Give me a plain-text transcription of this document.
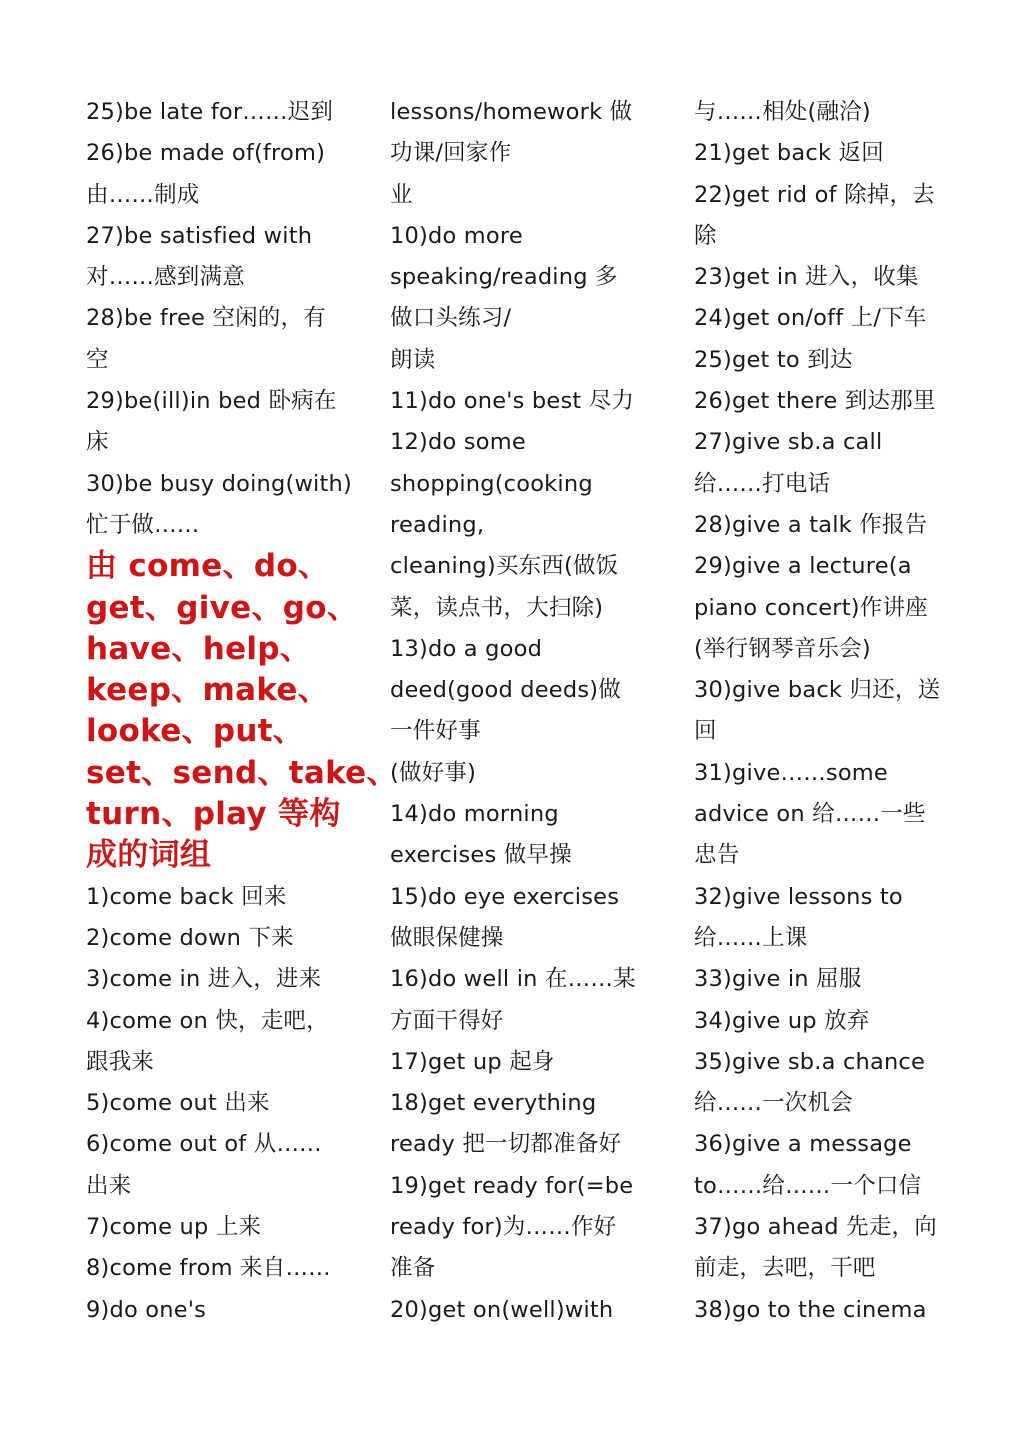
25)be late for……迟到
26)be made of(from)
由……制成
27)be satisfied with
对……感到满意
28)be free 空闲的，有
空
29)be(ill)in bed 卧病在
床
30)be busy doing(with)
忙于做……
由 come、do、
get、give、go、
have、help、
keep、make、
looke、put、
set、send、take、
turn、play 等构
成的词组
1)come back 回来
2)come down 下来
3)come in 进入，进来
4)come on 快，走吧，
跟我来
5)come out 出来
6)come out of 从……
出来
7)come up 上来
8)come from 来自……
9)do one's
lessons/homework 做
功课/回家作
业
10)do more
speaking/reading 多
做口头练习/
朗读
11)do one's best 尽力
12)do some
shopping(cooking
reading,
cleaning)买东西(做饭
菜，读点书，大扫除)
13)do a good
deed(good deeds)做
一件好事
(做好事)
14)do morning
exercises 做早操
15)do eye exercises
做眼保健操
16)do well in 在……某
方面干得好
17)get up 起身
18)get everything
ready 把一切都准备好
19)get ready for(=be
ready for)为……作好
准备
20)get on(well)with
与……相处(融洽)
21)get back 返回
22)get rid of 除掉，去
除
23)get in 进入，收集
24)get on/off 上/下车
25)get to 到达
26)get there 到达那里
27)give sb.a call
给……打电话
28)give a talk 作报告
29)give a lecture(a
piano concert)作讲座
(举行钢琴音乐会)
30)give back 归还，送
回
31)give……some
advice on 给……一些
忠告
32)give lessons to
给……上课
33)give in 屈服
34)give up 放弃
35)give sb.a chance
给……一次机会
36)give a message
to……给……一个口信
37)go ahead 先走，向
前走，去吧，干吧
38)go to the cinema
